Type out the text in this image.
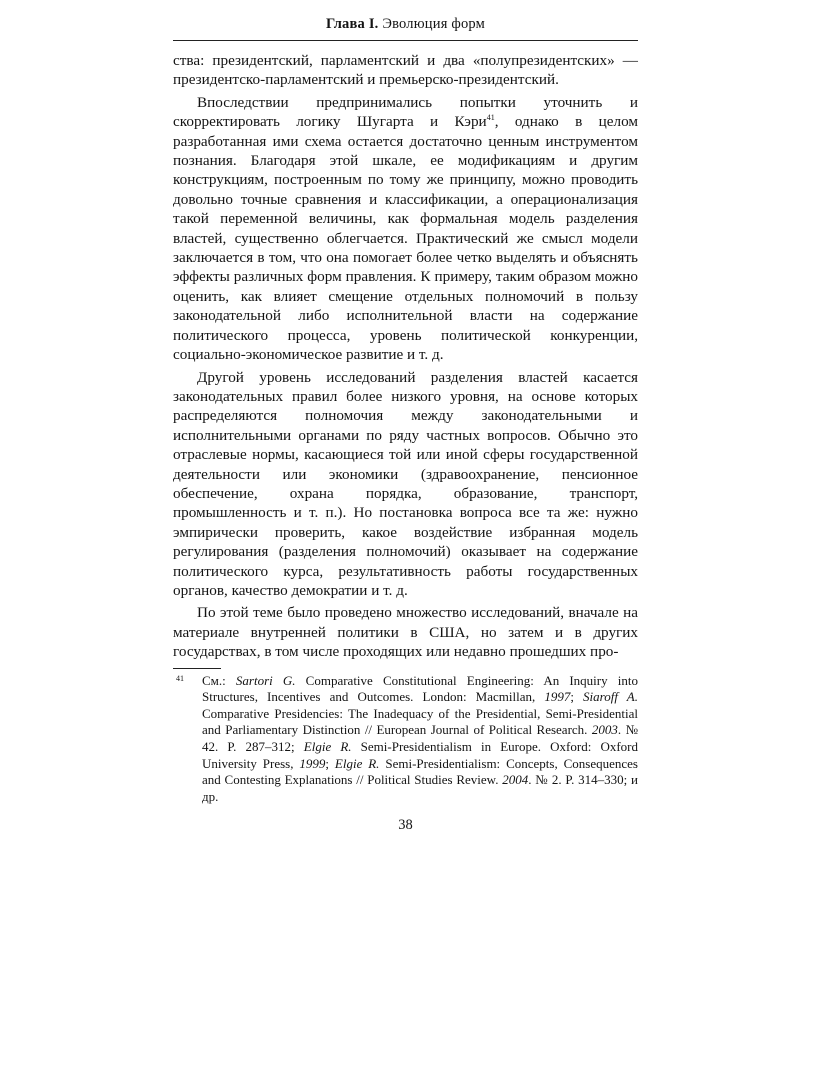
Глава I. Эволюция форм

ства: президентский, парламентский и два «полупрезидентских» — президентско-парламентский и премьерско-президентский.

Впоследствии предпринимались попытки уточнить и скорректировать логику Шугарта и Кэри$^{41}$, однако в целом разработанная ими схема остается достаточно ценным инструментом познания. Благодаря этой шкале, ее модификациям и другим конструкциям, построенным по тому же принципу, можно проводить довольно точные сравнения и классификации, а операционализация такой переменной величины, как формальная модель разделения властей, существенно облегчается. Практический же смысл модели заключается в том, что она помогает более четко выделять и объяснять эффекты различных форм правления. К примеру, таким образом можно оценить, как влияет смещение отдельных полномочий в пользу законодательной либо исполнительной власти на содержание политического процесса, уровень политической конкуренции, социально-экономическое развитие и т. д.

Другой уровень исследований разделения властей касается законодательных правил более низкого уровня, на основе которых распределяются полномочия между законодательными и исполнительными органами по ряду частных вопросов. Обычно это отраслевые нормы, касающиеся той или иной сферы государственной деятельности или экономики (здравоохранение, пенсионное обеспечение, охрана порядка, образование, транспорт, промышленность и т. п.). Но постановка вопроса все та же: нужно эмпирически проверить, какое воздействие избранная модель регулирования (разделения полномочий) оказывает на содержание политического курса, результативность работы государственных органов, качество демократии и т. д.

По этой теме было проведено множество исследований, вначале на материале внутренней политики в США, но затем и в других государствах, в том числе проходящих или недавно прошедших про-

41	См.: Sartori G. Comparative Constitutional Engineering: An Inquiry into Structures, Incentives and Outcomes. London: Macmillan, 1997; Siaroff A. Comparative Presidencies: The Inadequacy of the Presidential, Semi-Presidential and Parliamentary Distinction // European Journal of Political Research. 2003. № 42. P. 287–312; Elgie R. Semi-Presidentialism in Europe. Oxford: Oxford University Press, 1999; Elgie R. Semi-Presidentialism: Concepts, Consequences and Contesting Explanations // Political Studies Review. 2004. № 2. P. 314–330; и др.
38
